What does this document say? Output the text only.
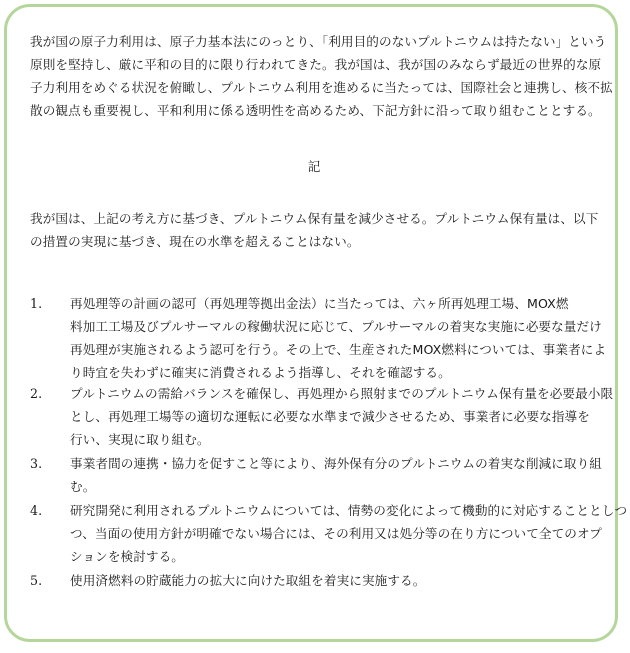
我が国の原子力利用は、原子力基本法にのっとり、「利用目的のないプルトニウムは持たない」という
原則を堅持し、厳に平和の目的に限り行われてきた。我が国は、我が国のみならず最近の世界的な原
子力利用をめぐる状況を俯瞰し、プルトニウム利用を進めるに当たっては、国際社会と連携し、核不拡
散の観点も重要視し、平和利用に係る透明性を高めるため、下記方針に沿って取り組むこととする。
記
我が国は、上記の考え方に基づき、プルトニウム保有量を減少させる。プルトニウム保有量は、以下
の措置の実現に基づき、現在の水準を超えることはない。
1.	再処理等の計画の認可（再処理等拠出金法）に当たっては、六ヶ所再処理工場、MOX燃
料加工工場及びプルサーマルの稼働状況に応じて、プルサーマルの着実な実施に必要な量だけ
再処理が実施されるよう認可を行う。その上で、生産されたMOX燃料については、事業者によ
り時宜を失わずに確実に消費されるよう指導し、それを確認する。
2.	プルトニウムの需給バランスを確保し、再処理から照射までのプルトニウム保有量を必要最小限
とし、再処理工場等の適切な運転に必要な水準まで減少させるため、事業者に必要な指導を
行い、実現に取り組む。
3.	事業者間の連携・協力を促すこと等により、海外保有分のプルトニウムの着実な削減に取り組
む。
4.	研究開発に利用されるプルトニウムについては、情勢の変化によって機動的に対応することとしつ
つ、当面の使用方針が明確でない場合には、その利用又は処分等の在り方について全てのオプ
ションを検討する。
5.	使用済燃料の貯蔵能力の拡大に向けた取組を着実に実施する。
